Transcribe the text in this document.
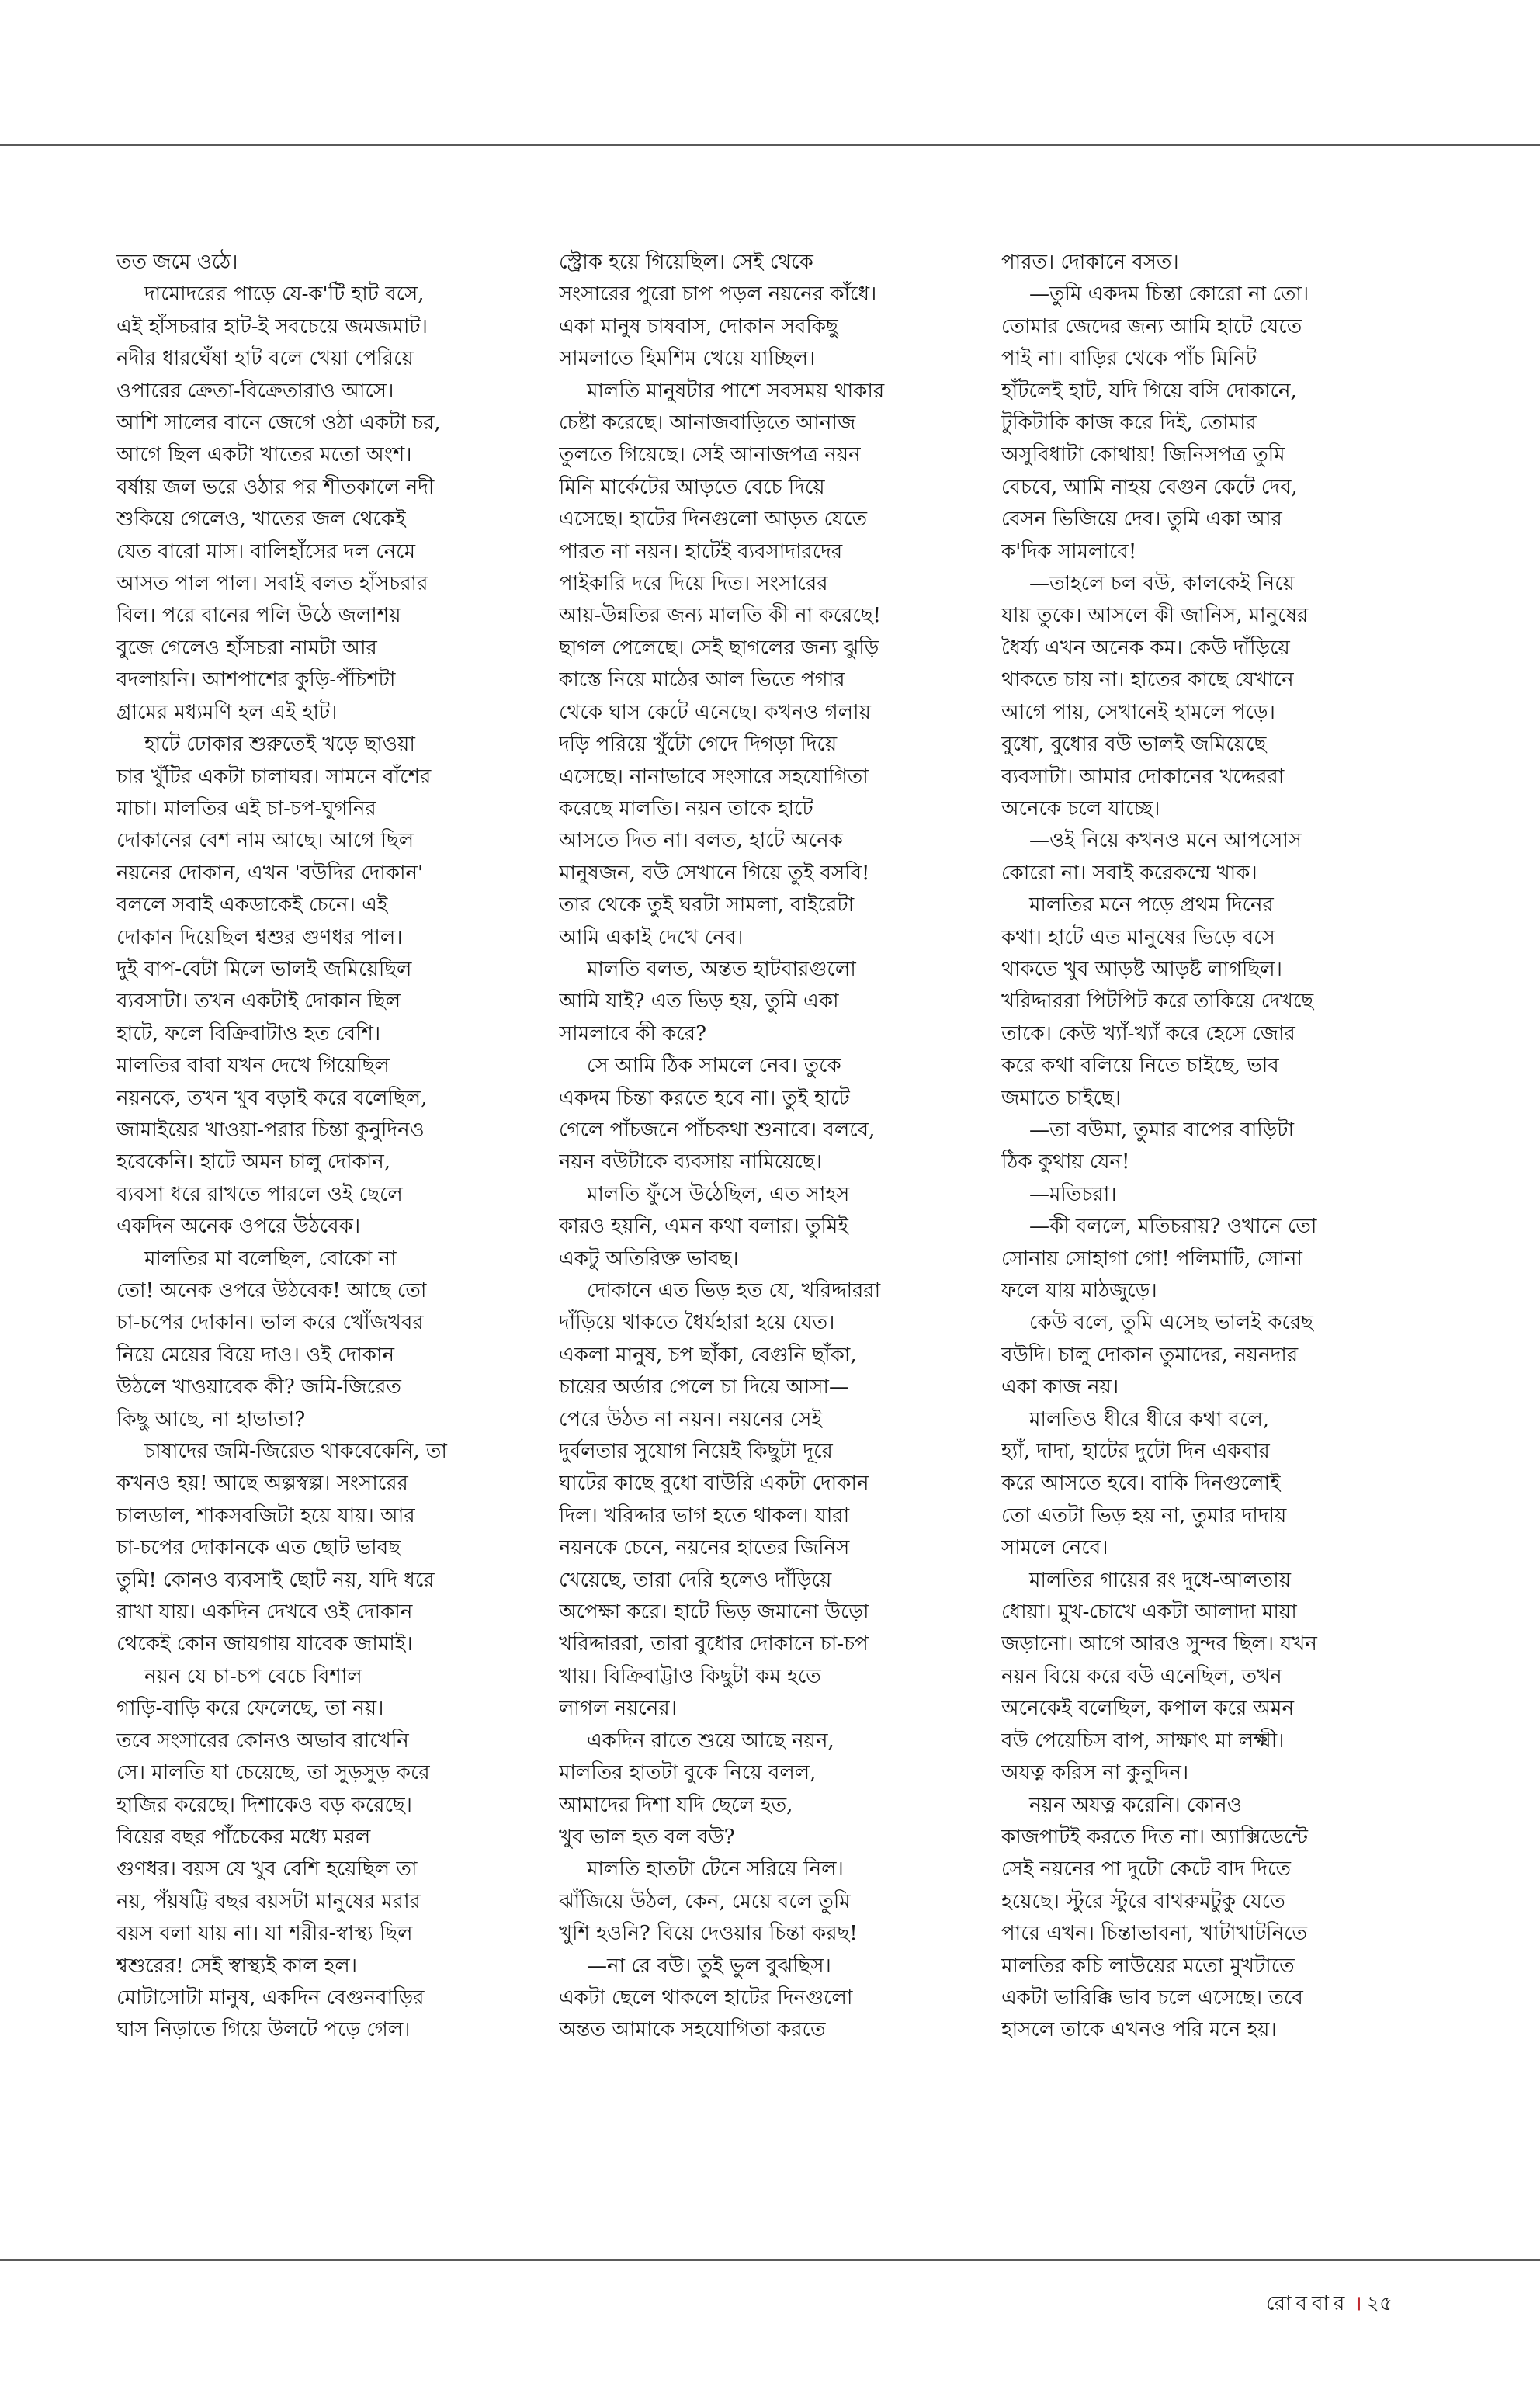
তত জমে ওঠে।

দামোদরের পাড়ে যে-ক'টি হাট বসে,
এই হাঁসচরার হাট-ই সবচেয়ে জমজমাট।
নদীর ধারঘেঁষা হাট বলে খেয়া পেরিয়ে
ওপারের ক্রেতা-বিক্রেতারাও আসে।
আশি সালের বানে জেগে ওঠা একটা চর,
আগে ছিল একটা খাতের মতো অংশ।
বর্ষায় জল ভরে ওঠার পর শীতকালে নদী
শুকিয়ে গেলেও, খাতের জল থেকেই
যেত বারো মাস। বালিহাঁসের দল নেমে
আসত পাল পাল। সবাই বলত হাঁসচরার
বিল। পরে বানের পলি উঠে জলাশয়
বুজে গেলেও হাঁসচরা নামটা আর
বদলায়নি। আশপাশের কুড়ি-পঁচিশটা
গ্রামের মধ্যমণি হল এই হাট।

হাটে ঢোকার শুরুতেই খড়ে ছাওয়া
চার খুঁটির একটা চালাঘর। সামনে বাঁশের
মাচা। মালতির এই চা-চপ-ঘুগনির
দোকানের বেশ নাম আছে। আগে ছিল
নয়নের দোকান, এখন 'বউদির দোকান'
বললে সবাই একডাকেই চেনে। এই
দোকান দিয়েছিল শ্বশুর গুণধর পাল।
দুই বাপ-বেটা মিলে ভালই জমিয়েছিল
ব্যবসাটা। তখন একটাই দোকান ছিল
হাটে, ফলে বিক্রিবাটাও হত বেশি।
মালতির বাবা যখন দেখে গিয়েছিল
নয়নকে, তখন খুব বড়াই করে বলেছিল,
জামাইয়ের খাওয়া-পরার চিন্তা কুনুদিনও
হবেকেনি। হাটে অমন চালু দোকান,
ব্যবসা ধরে রাখতে পারলে ওই ছেলে
একদিন অনেক ওপরে উঠবেক।

মালতির মা বলেছিল, বোকো না
তো! অনেক ওপরে উঠবেক! আছে তো
চা-চপের দোকান। ভাল করে খোঁজখবর
নিয়ে মেয়ের বিয়ে দাও। ওই দোকান
উঠলে খাওয়াবেক কী? জমি-জিরেত
কিছু আছে, না হাভাতা?

চাষাদের জমি-জিরেত থাকবেকেনি, তা
কখনও হয়! আছে অল্পস্বল্প। সংসারের
চালডাল, শাকসবজিটা হয়ে যায়। আর
চা-চপের দোকানকে এত ছোট ভাবছ
তুমি! কোনও ব্যবসাই ছোট নয়, যদি ধরে
রাখা যায়। একদিন দেখবে ওই দোকান
থেকেই কোন জায়গায় যাবেক জামাই।

নয়ন যে চা-চপ বেচে বিশাল
গাড়ি-বাড়ি করে ফেলেছে, তা নয়।
তবে সংসারের কোনও অভাব রাখেনি
সে। মালতি যা চেয়েছে, তা সুড়সুড় করে
হাজির করেছে। দিশাকেও বড় করেছে।
বিয়ের বছর পাঁচেকের মধ্যে মরল
গুণধর। বয়স যে খুব বেশি হয়েছিল তা
নয়, পঁয়ষট্টি বছর বয়সটা মানুষের মরার
বয়স বলা যায় না। যা শরীর-স্বাস্থ্য ছিল
শ্বশুরের! সেই স্বাস্থ্যই কাল হল।
মোটাসোটা মানুষ, একদিন বেগুনবাড়ির
ঘাস নিড়াতে গিয়ে উলটে পড়ে গেল।

স্ট্রোক হয়ে গিয়েছিল। সেই থেকে
সংসারের পুরো চাপ পড়ল নয়নের কাঁধে।
একা মানুষ চাষবাস, দোকান সবকিছু
সামলাতে হিমশিম খেয়ে যাচ্ছিল।

মালতি মানুষটার পাশে সবসময় থাকার
চেষ্টা করেছে। আনাজবাড়িতে আনাজ
তুলতে গিয়েছে। সেই আনাজপত্র নয়ন
মিনি মার্কেটের আড়তে বেচে দিয়ে
এসেছে। হাটের দিনগুলো আড়ত যেতে
পারত না নয়ন। হাটেই ব্যবসাদারদের
পাইকারি দরে দিয়ে দিত। সংসারের
আয়-উন্নতির জন্য মালতি কী না করেছে!
ছাগল পেলেছে। সেই ছাগলের জন্য ঝুড়ি
কাস্তে নিয়ে মাঠের আল ভিতে পগার
থেকে ঘাস কেটে এনেছে। কখনও গলায়
দড়ি পরিয়ে খুঁটো গেদে দিগড়া দিয়ে
এসেছে। নানাভাবে সংসারে সহযোগিতা
করেছে মালতি। নয়ন তাকে হাটে
আসতে দিত না। বলত, হাটে অনেক
মানুষজন, বউ সেখানে গিয়ে তুই বসবি!
তার থেকে তুই ঘরটা সামলা, বাইরেটা
আমি একাই দেখে নেব।

মালতি বলত, অন্তত হাটবারগুলো
আমি যাই? এত ভিড় হয়, তুমি একা
সামলাবে কী করে?

সে আমি ঠিক সামলে নেব। তুকে
একদম চিন্তা করতে হবে না। তুই হাটে
গেলে পাঁচজনে পাঁচকথা শুনাবে। বলবে,
নয়ন বউটাকে ব্যবসায় নামিয়েছে।

মালতি ফুঁসে উঠেছিল, এত সাহস
কারও হয়নি, এমন কথা বলার। তুমিই
একটু অতিরিক্ত ভাবছ।

দোকানে এত ভিড় হত যে, খরিদ্দাররা
দাঁড়িয়ে থাকতে ধৈর্যহারা হয়ে যেত।
একলা মানুষ, চপ ছাঁকা, বেগুনি ছাঁকা,
চায়ের অর্ডার পেলে চা দিয়ে আসা—
পেরে উঠত না নয়ন। নয়নের সেই
দুর্বলতার সুযোগ নিয়েই কিছুটা দূরে
ঘাটের কাছে বুধো বাউরি একটা দোকান
দিল। খরিদ্দার ভাগ হতে থাকল। যারা
নয়নকে চেনে, নয়নের হাতের জিনিস
খেয়েছে, তারা দেরি হলেও দাঁড়িয়ে
অপেক্ষা করে। হাটে ভিড় জমানো উড়ো
খরিদ্দাররা, তারা বুধোর দোকানে চা-চপ
খায়। বিক্রিবাট্টাও কিছুটা কম হতে
লাগল নয়নের।

একদিন রাতে শুয়ে আছে নয়ন,
মালতির হাতটা বুকে নিয়ে বলল,
আমাদের দিশা যদি ছেলে হত,
খুব ভাল হত বল বউ?

মালতি হাতটা টেনে সরিয়ে নিল।
ঝাঁজিয়ে উঠল, কেন, মেয়ে বলে তুমি
খুশি হওনি? বিয়ে দেওয়ার চিন্তা করছ!

—না রে বউ। তুই ভুল বুঝছিস।
একটা ছেলে থাকলে হাটের দিনগুলো
অন্তত আমাকে সহযোগিতা করতে

পারত। দোকানে বসত।

—তুমি একদম চিন্তা কোরো না তো।
তোমার জেদের জন্য আমি হাটে যেতে
পাই না। বাড়ির থেকে পাঁচ মিনিট
হাঁটলেই হাট, যদি গিয়ে বসি দোকানে,
টুকিটাকি কাজ করে দিই, তোমার
অসুবিধাটা কোথায়! জিনিসপত্র তুমি
বেচবে, আমি নাহয় বেগুন কেটে দেব,
বেসন ভিজিয়ে দেব। তুমি একা আর
ক'দিক সামলাবে!

—তাহলে চল বউ, কালকেই নিয়ে
যায় তুকে। আসলে কী জানিস, মানুষের
ধৈর্য্য এখন অনেক কম। কেউ দাঁড়িয়ে
থাকতে চায় না। হাতের কাছে যেখানে
আগে পায়, সেখানেই হামলে পড়ে।
বুধো, বুধোর বউ ভালই জমিয়েছে
ব্যবসাটা। আমার দোকানের খদ্দেররা
অনেকে চলে যাচ্ছে।

—ওই নিয়ে কখনও মনে আপসোস
কোরো না। সবাই করেকম্মে খাক।

মালতির মনে পড়ে প্রথম দিনের
কথা। হাটে এত মানুষের ভিড়ে বসে
থাকতে খুব আড়ষ্ট আড়ষ্ট লাগছিল।
খরিদ্দাররা পিটপিট করে তাকিয়ে দেখছে
তাকে। কেউ খ্যাঁ-খ্যাঁ করে হেসে জোর
করে কথা বলিয়ে নিতে চাইছে, ভাব
জমাতে চাইছে।

—তা বউমা, তুমার বাপের বাড়িটা
ঠিক কুথায় যেন!

—মতিচরা।

—কী বললে, মতিচরায়? ওখানে তো
সোনায় সোহাগা গো! পলিমাটি, সোনা
ফলে যায় মাঠজুড়ে।

কেউ বলে, তুমি এসেছ ভালই করেছ
বউদি। চালু দোকান তুমাদের, নয়নদার
একা কাজ নয়।

মালতিও ধীরে ধীরে কথা বলে,
হ্যাঁ, দাদা, হাটের দুটো দিন একবার
করে আসতে হবে। বাকি দিনগুলোই
তো এতটা ভিড় হয় না, তুমার দাদায়
সামলে নেবে।

মালতির গায়ের রং দুধে-আলতায়
ধোয়া। মুখ-চোখে একটা আলাদা মায়া
জড়ানো। আগে আরও সুন্দর ছিল। যখন
নয়ন বিয়ে করে বউ এনেছিল, তখন
অনেকেই বলেছিল, কপাল করে অমন
বউ পেয়েচিস বাপ, সাক্ষাৎ মা লক্ষ্মী।
অযত্ন করিস না কুনুদিন।

নয়ন অযত্ন করেনি। কোনও
কাজপাটই করতে দিত না। অ্যাক্সিডেন্টে
সেই নয়নের পা দুটো কেটে বাদ দিতে
হয়েছে। স্টুরে স্টুরে বাথরুমটুকু যেতে
পারে এখন। চিন্তাভাবনা, খাটাখাটনিতে
মালতির কচি লাউয়ের মতো মুখটাতে
একটা ভারিক্কি ভাব চলে এসেছে। তবে
হাসলে তাকে এখনও পরি মনে হয়।

রোববার । ২৫
